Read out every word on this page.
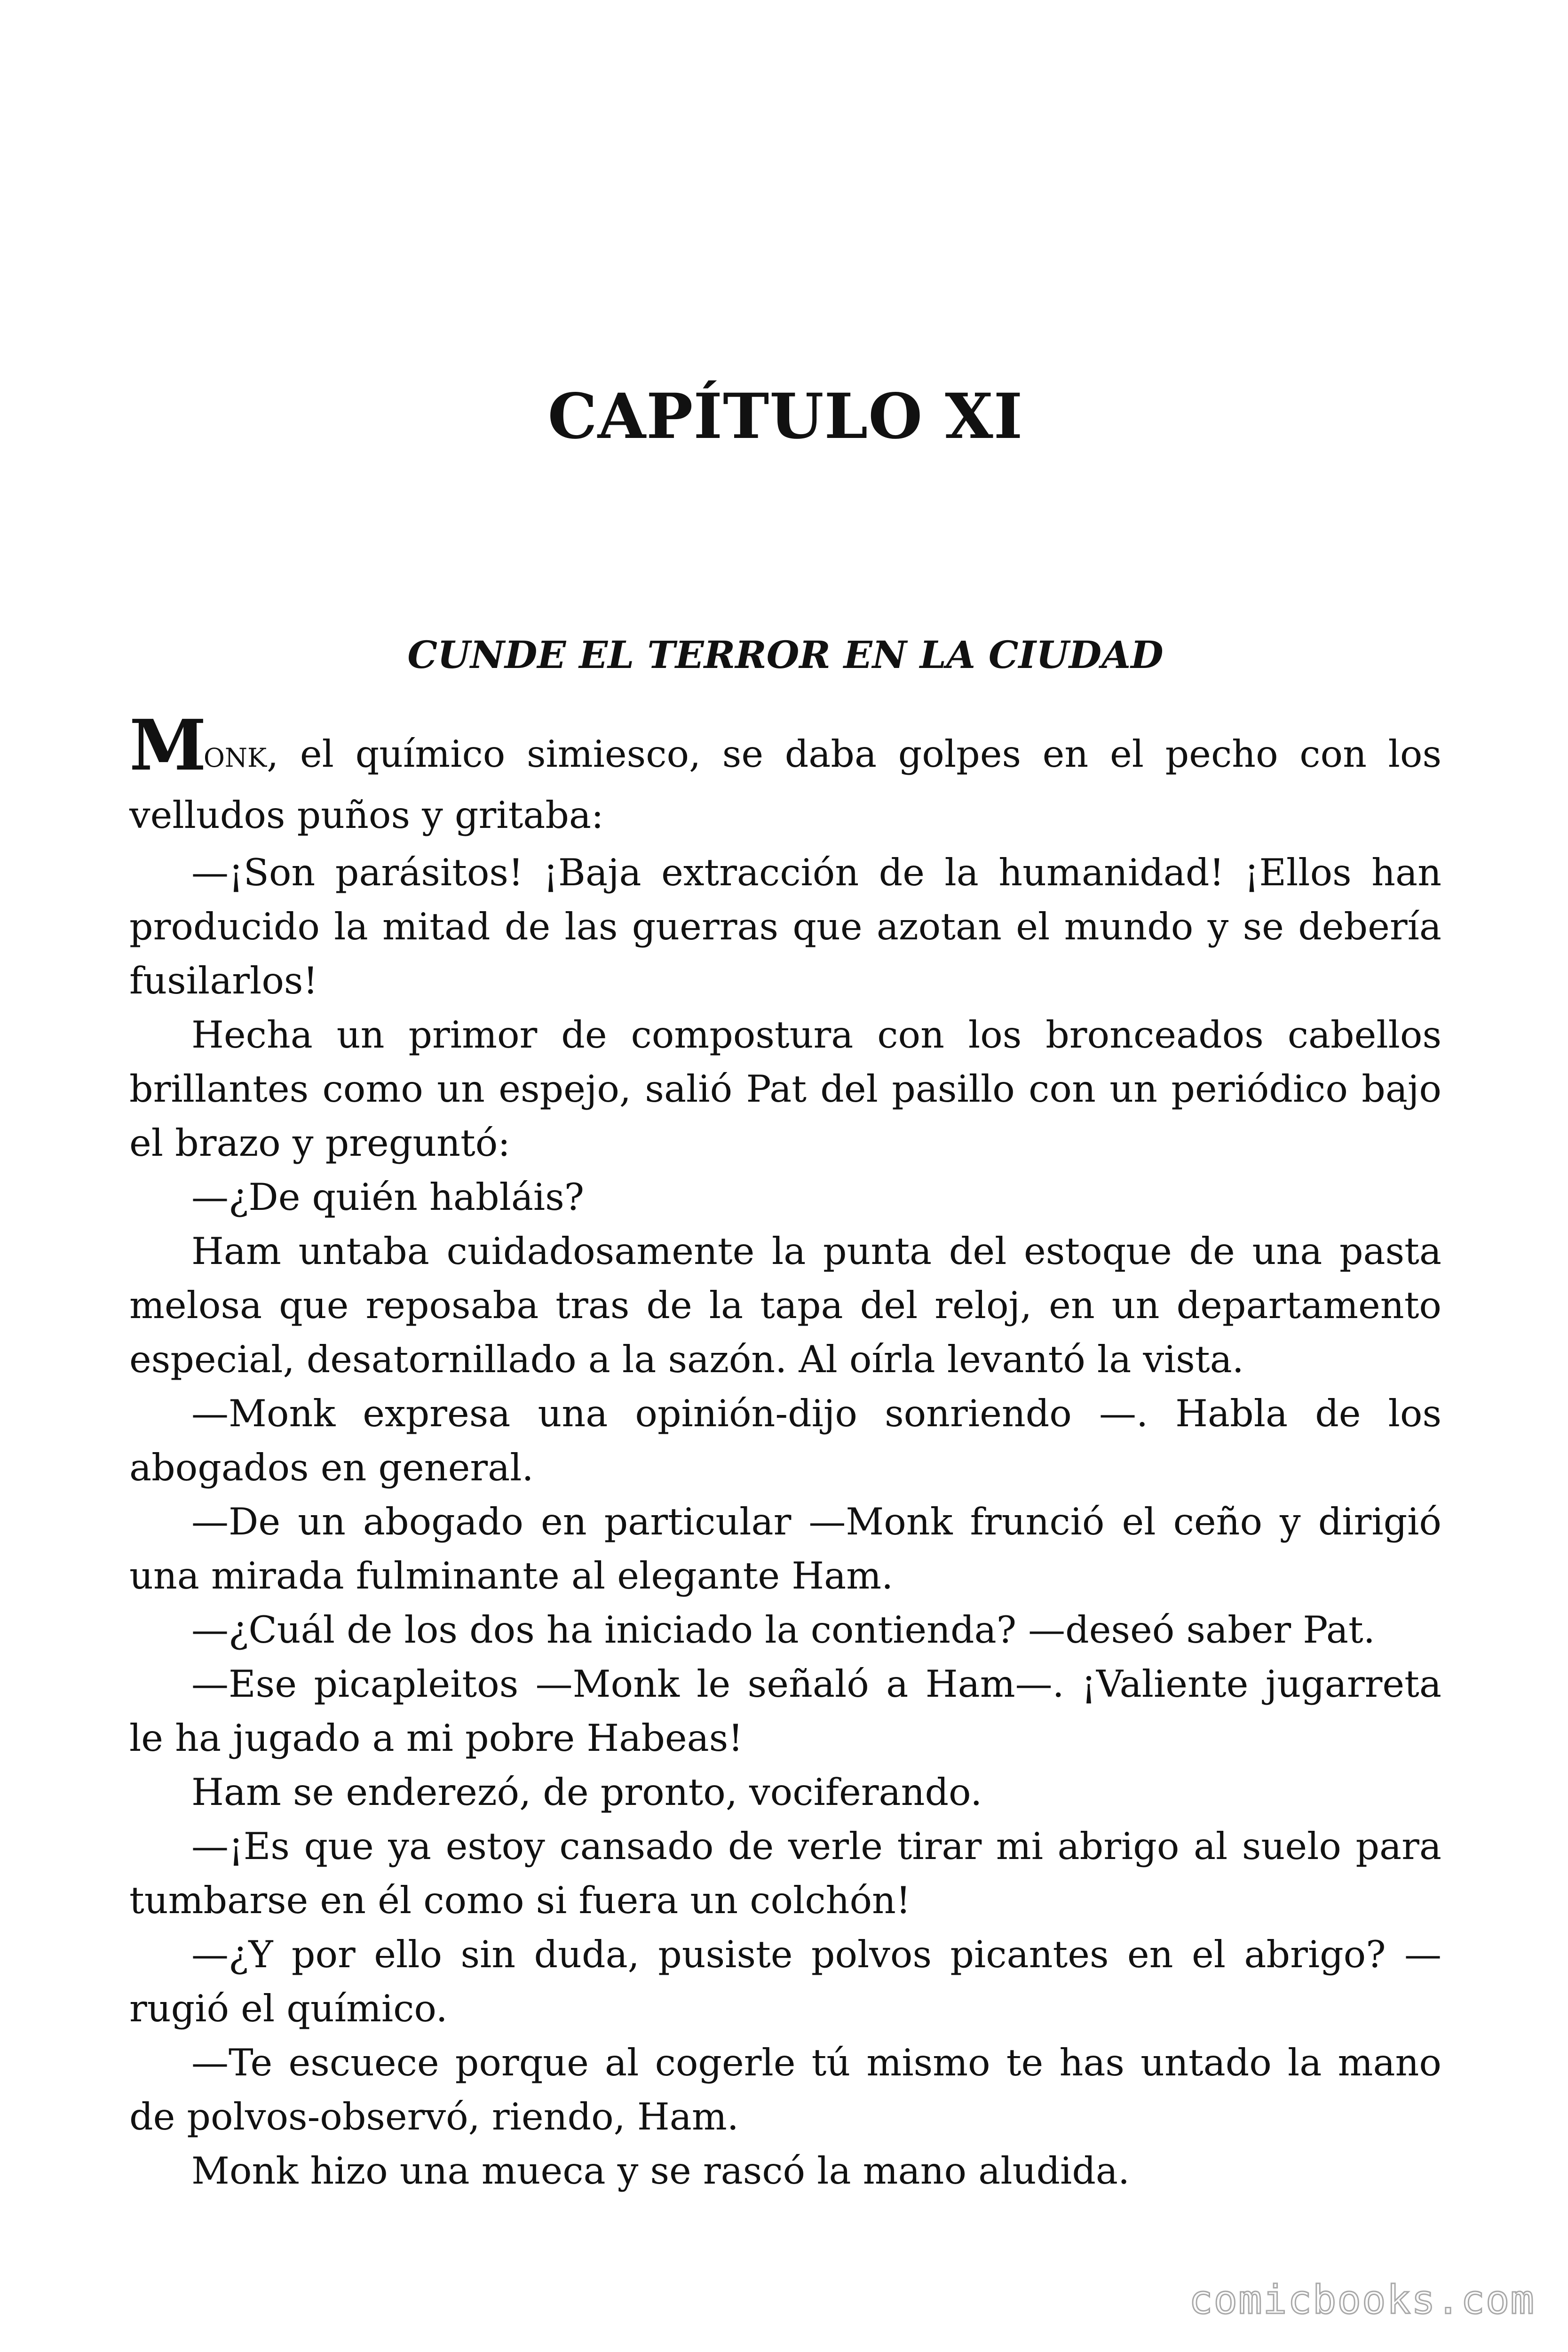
CAPÍTULO XI
CUNDE EL TERROR EN LA CIUDAD

Monk, el químico simiesco, se daba golpes en el pecho con los velludos puños y gritaba:

—¡Son parásitos! ¡Baja extracción de la humanidad! ¡Ellos han producido la mitad de las guerras que azotan el mundo y se debería fusilarlos!

Hecha un primor de compostura con los bronceados cabellos brillantes como un espejo, salió Pat del pasillo con un periódico bajo el brazo y preguntó:

—¿De quién habláis?

Ham untaba cuidadosamente la punta del estoque de una pasta melosa que reposaba tras de la tapa del reloj, en un departamento especial, desatornillado a la sazón. Al oírla levantó la vista.

—Monk expresa una opinión-dijo sonriendo —. Habla de los abogados en general.

—De un abogado en particular —Monk frunció el ceño y dirigió una mirada fulminante al elegante Ham.

—¿Cuál de los dos ha iniciado la contienda? —deseó saber Pat.

—Ese picapleitos —Monk le señaló a Ham—. ¡Valiente jugarreta le ha jugado a mi pobre Habeas!

Ham se enderezó, de pronto, vociferando.

—¡Es que ya estoy cansado de verle tirar mi abrigo al suelo para tumbarse en él como si fuera un colchón!

—¿Y por ello sin duda, pusiste polvos picantes en el abrigo? —rugió el químico.

—Te escuece porque al cogerle tú mismo te has untado la mano de polvos-observó, riendo, Ham.

Monk hizo una mueca y se rascó la mano aludida.

comicbooks.com
